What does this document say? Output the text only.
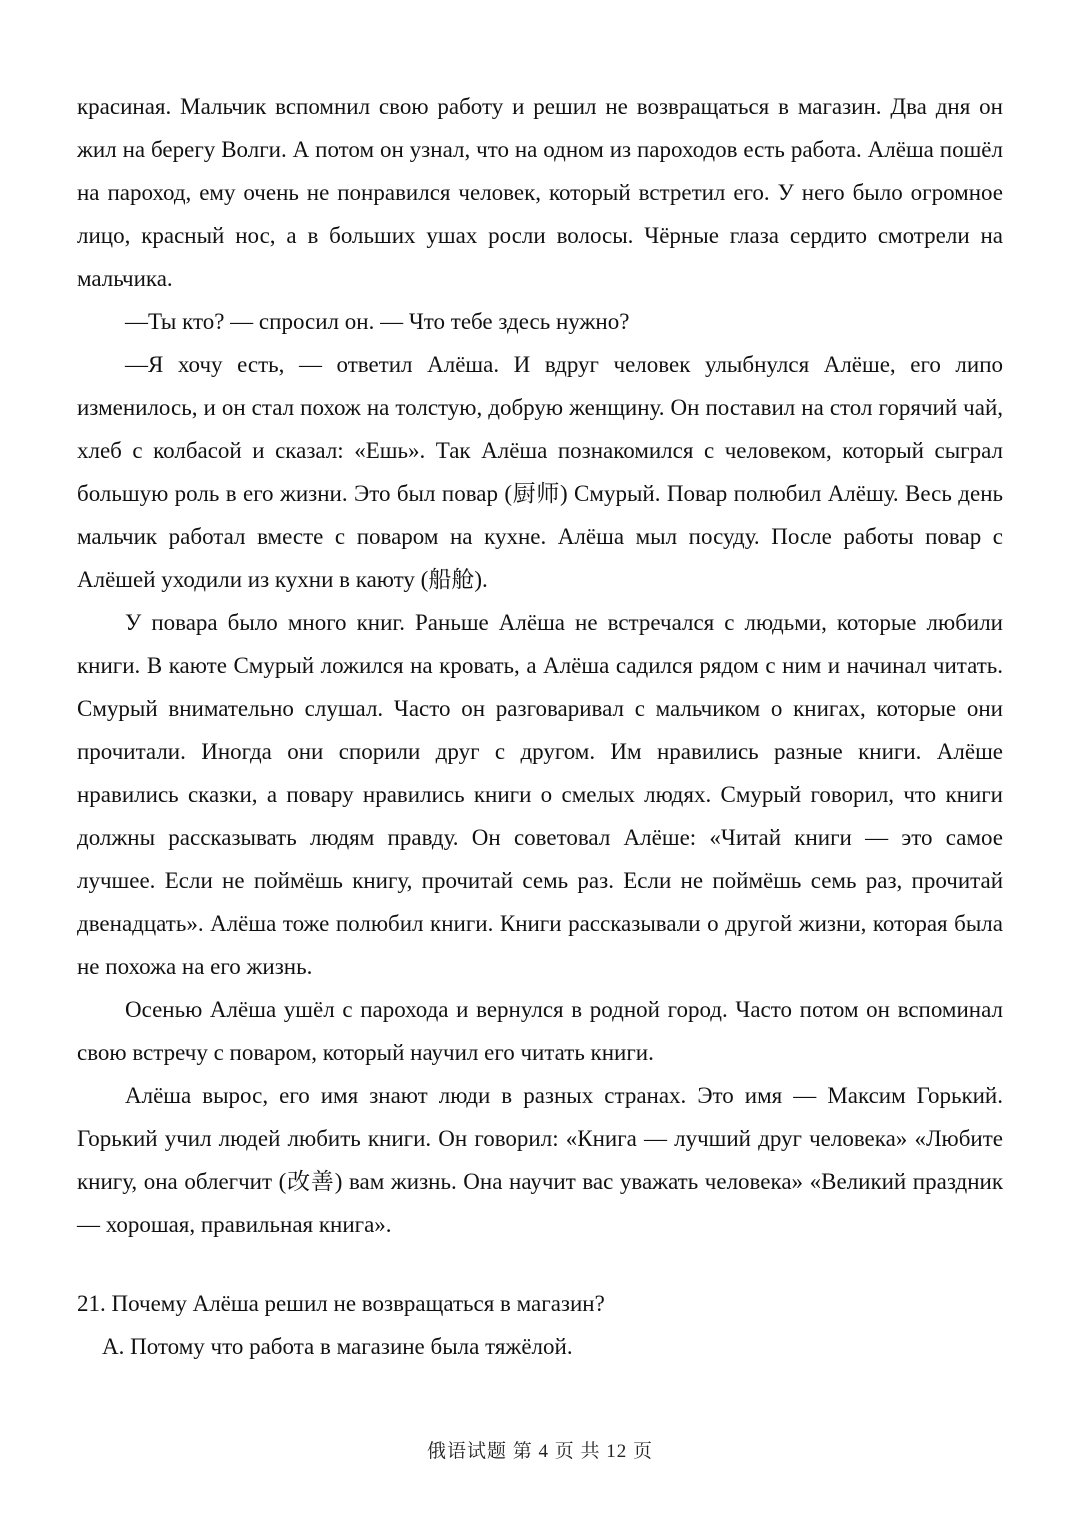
красиная. Мальчик вспомнил свою работу и решил не возвращаться в магазин. Два дня он жил на берегу Волги. А потом он узнал, что на одном из пароходов есть работа. Алёша пошёл на пароход, ему очень не понравился человек, который встретил его. У него было огромное лицо, красный нос, а в больших ушах росли волосы. Чёрные глаза сердито смотрели на мальчика.

—Ты кто? — спросил он. — Что тебе здесь нужно?

—Я хочу есть, — ответил Алёша. И вдруг человек улыбнулся Алёше, его липо изменилось, и он стал похож на толстую, добрую женщину. Он поставил на стол горячий чай, хлеб с колбасой и сказал: «Ешь». Так Алёша познакомился с человеком, который сыграл большую роль в его жизни. Это был повар (厨师) Смурый. Повар полюбил Алёшу. Весь день мальчик работал вместе с поваром на кухне. Алёша мыл посуду. После работы повар с Алёшей уходили из кухни в каюту (船舱).

У повара было много книг. Раньше Алёша не встречался с людьми, которые любили книги. В каюте Смурый ложился на кровать, а Алёша садился рядом с ним и начинал читать. Смурый внимательно слушал. Часто он разговаривал с мальчиком о книгах, которые они прочитали. Иногда они спорили друг с другом. Им нравились разные книги. Алёше нравились сказки, а повару нравились книги о смелых людях. Смурый говорил, что книги должны рассказывать людям правду. Он советовал Алёше: «Читай книги — это самое лучшее. Если не поймёшь книгу, прочитай семь раз. Если не поймёшь семь раз, прочитай двенадцать». Алёша тоже полюбил книги. Книги рассказывали о другой жизни, которая была не похожа на его жизнь.

Осенью Алёша ушёл с парохода и вернулся в родной город. Часто потом он вспоминал свою встречу с поваром, который научил его читать книги.

Алёша вырос, его имя знают люди в разных странах. Это имя — Максим Горький. Горький учил людей любить книги. Он говорил: «Книга — лучший друг человека» «Любите книгу, она облегчит (改善) вам жизнь. Она научит вас уважать человека» «Великий праздник — хорошая, правильная книга».

21. Почему Алёша решил не возвращаться в магазин?

A. Потому что работа в магазине была тяжёлой.

俄语试题 第 4 页 共 12 页
